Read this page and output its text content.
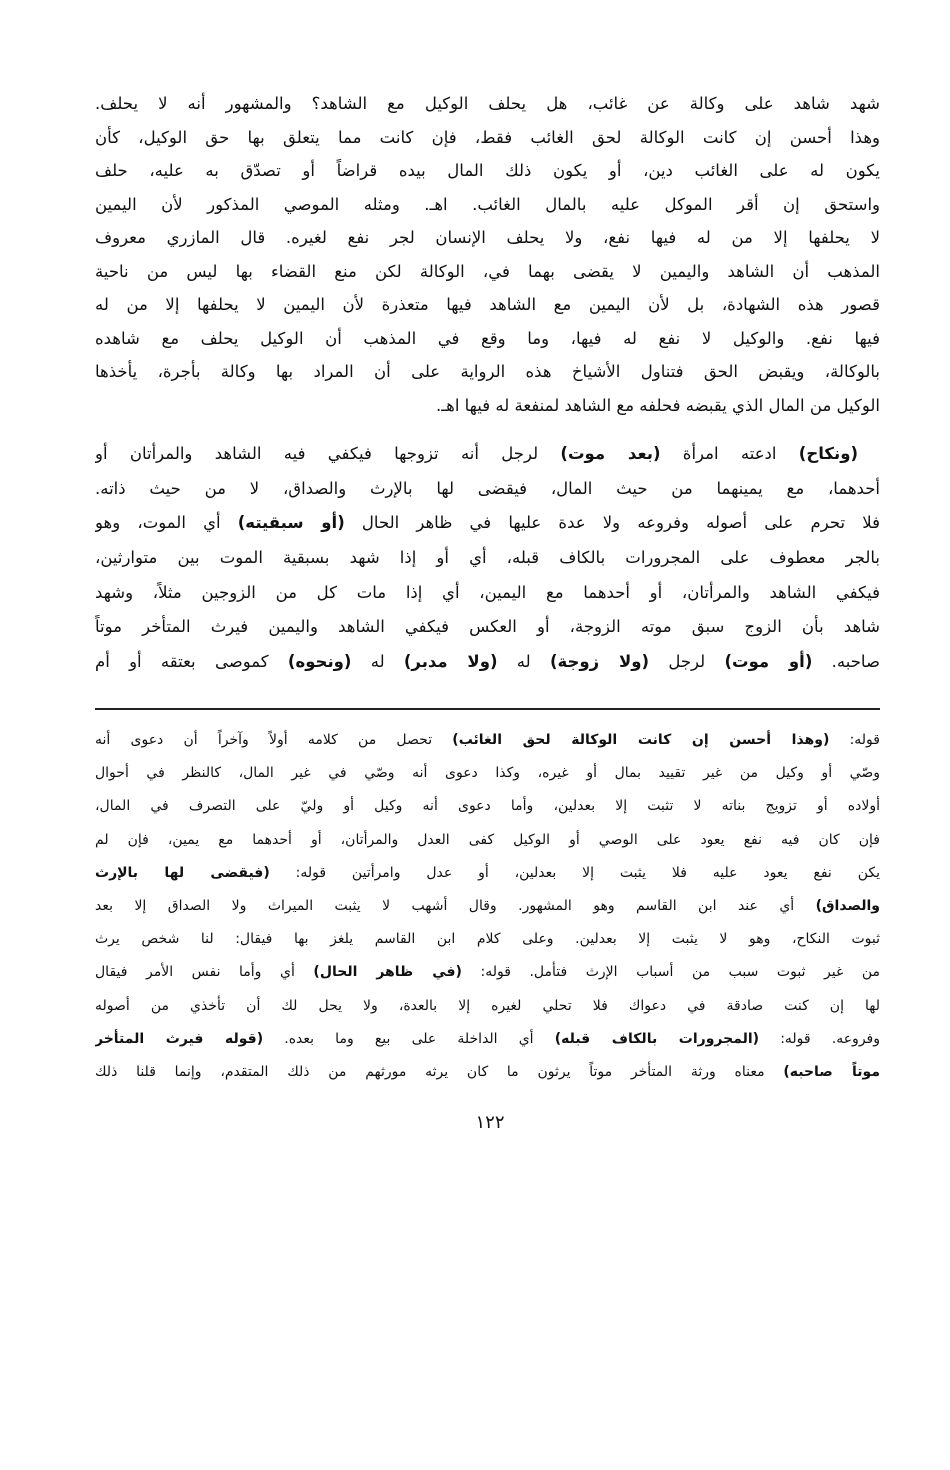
شهد شاهد على وكالة عن غائب، هل يحلف الوكيل مع الشاهد؟ والمشهور أنه لا يحلف.
وهذا أحسن إن كانت الوكالة لحق الغائب فقط، فإن كانت مما يتعلق بها حق الوكيل، كأن
يكون له على الغائب دين، أو يكون ذلك المال بيده قراضاً أو تصدّق به عليه، حلف
واستحق إن أقر الموكل عليه بالمال الغائب. اهـ. ومثله الموصي المذكور لأن اليمين
لا يحلفها إلا من له فيها نفع، ولا يحلف الإنسان لجر نفع لغيره. قال المازري معروف
المذهب أن الشاهد واليمين لا يقضى بهما في، الوكالة لكن منع القضاء بها ليس من ناحية
قصور هذه الشهادة، بل لأن اليمين مع الشاهد فيها متعذرة لأن اليمين لا يحلفها إلا من له
فيها نفع. والوكيل لا نفع له فيها، وما وقع في المذهب أن الوكيل يحلف مع شاهده
بالوكالة، ويقبض الحق فتناول الأشياخ هذه الرواية على أن المراد بها وكالة بأجرة، يأخذها
الوكيل من المال الذي يقبضه فحلفه مع الشاهد لمنفعة له فيها اهـ.
(ونكاح) ادعته امرأة (بعد موت) لرجل أنه تزوجها فيكفي فيه الشاهد والمرأتان أو
أحدهما، مع يمينهما من حيث المال، فيقضى لها بالإرث والصداق، لا من حيث ذاته.
فلا تحرم على أصوله وفروعه ولا عدة عليها في ظاهر الحال (أو سبقيته) أي الموت، وهو
بالجر معطوف على المجرورات بالكاف قبله، أي أو إذا شهد بسبقية الموت بين متوارثين،
فيكفي الشاهد والمرأتان، أو أحدهما مع اليمين، أي إذا مات كل من الزوجين مثلاً، وشهد
شاهد بأن الزوج سبق موته الزوجة، أو العكس فيكفي الشاهد واليمين فيرث المتأخر موتاً
صاحبه. (أو موت) لرجل (ولا زوجة) له (ولا مدبر) له (ونحوه) كموصى بعتقه أو أم
قوله: (وهذا أحسن إن كانت الوكالة لحق الغائب) تحصل من كلامه أولاً وآخراً أن دعوى أنه
وصّي أو وكيل من غير تقييد بمال أو غيره، وكذا دعوى أنه وصّي في غير المال، كالنظر في أحوال
أولاده أو تزويج بناته لا تثبت إلا بعدلين، وأما دعوى أنه وكيل أو وليّ على التصرف في المال،
فإن كان فيه نفع يعود على الوصي أو الوكيل كفى العدل والمرأتان، أو أحدهما مع يمين، فإن لم
يكن نفع يعود عليه فلا يثبت إلا بعدلين، أو عدل وامرأتين قوله: (فيقضى لها بالإرث
والصداق) أي عند ابن القاسم وهو المشهور. وقال أشهب لا يثبت الميراث ولا الصداق إلا بعد
ثبوت النكاح، وهو لا يثبت إلا بعدلين. وعلى كلام ابن القاسم يلغز بها فيقال: لنا شخص يرث
من غير ثبوت سبب من أسباب الإرث فتأمل. قوله: (في ظاهر الحال) أي وأما نفس الأمر فيقال
لها إن كنت صادقة في دعواك فلا تحلي لغيره إلا بالعدة، ولا يحل لك أن تأخذي من أصوله
وفروعه. قوله: (المجرورات بالكاف قبله) أي الداخلة على بيع وما بعده. (قوله فيرث المتأخر
موتاً صاحبه) معناه ورثة المتأخر موتاً يرثون ما كان يرثه مورثهم من ذلك المتقدم، وإنما قلنا ذلك
١٢٢
